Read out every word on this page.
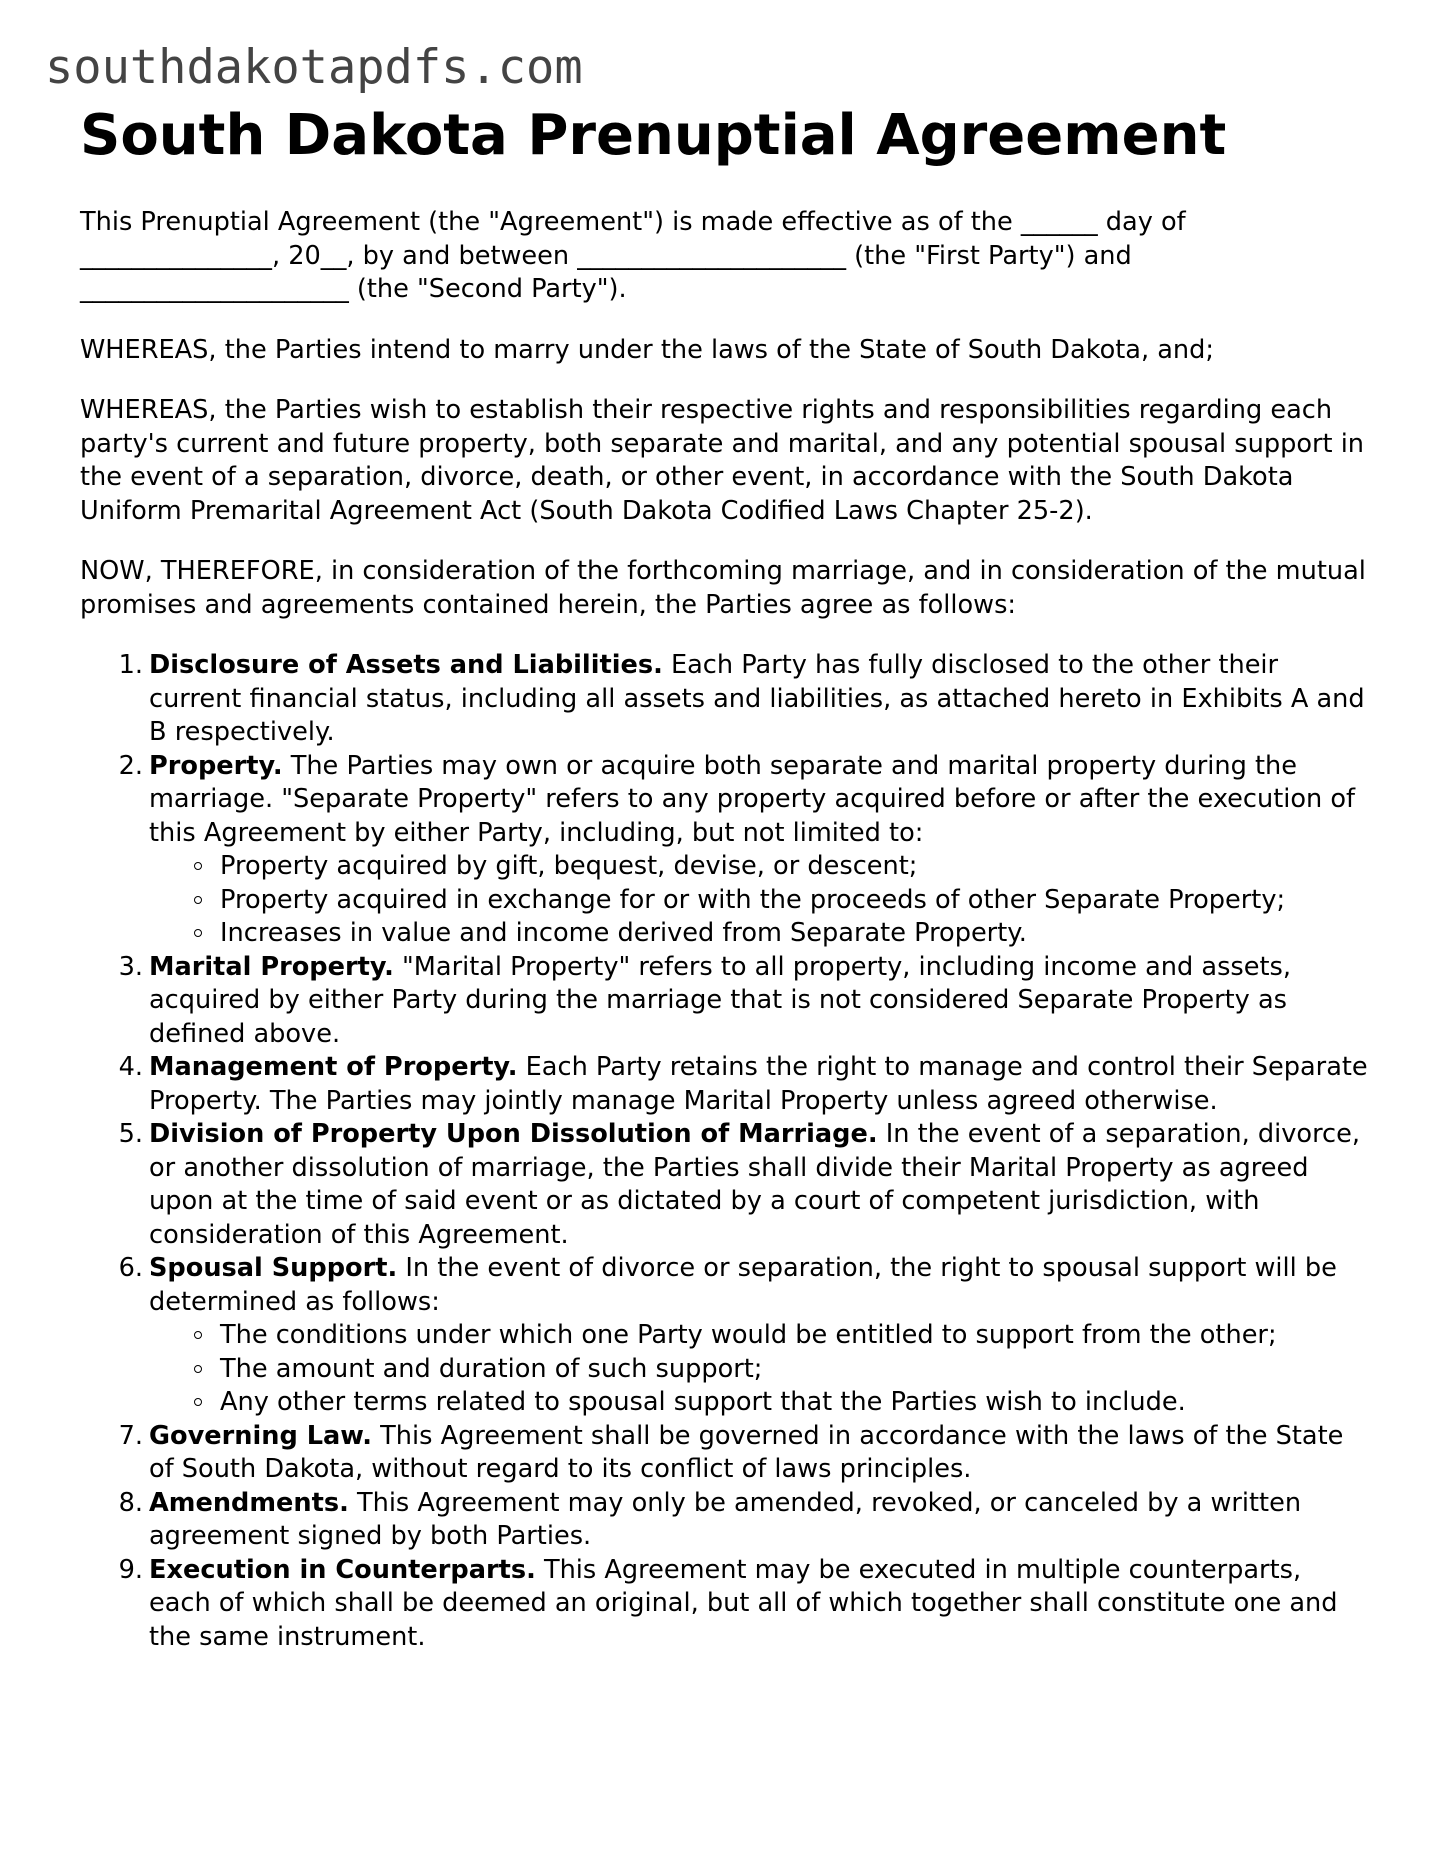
southdakotapdfs.com
South Dakota Prenuptial Agreement

This Prenuptial Agreement (the "Agreement") is made effective as of the ______ day of _______________, 20__, by and between _____________________ (the "First Party") and _____________________ (the "Second Party").

WHEREAS, the Parties intend to marry under the laws of the State of South Dakota, and;

WHEREAS, the Parties wish to establish their respective rights and responsibilities regarding each party's current and future property, both separate and marital, and any potential spousal support in the event of a separation, divorce, death, or other event, in accordance with the South Dakota Uniform Premarital Agreement Act (South Dakota Codified Laws Chapter 25-2).

NOW, THEREFORE, in consideration of the forthcoming marriage, and in consideration of the mutual promises and agreements contained herein, the Parties agree as follows:

Disclosure of Assets and Liabilities. Each Party has fully disclosed to the other their current financial status, including all assets and liabilities, as attached hereto in Exhibits A and B respectively.
Property. The Parties may own or acquire both separate and marital property during the marriage. "Separate Property" refers to any property acquired before or after the execution of this Agreement by either Party, including, but not limited to:
Property acquired by gift, bequest, devise, or descent;
Property acquired in exchange for or with the proceeds of other Separate Property;
Increases in value and income derived from Separate Property.
Marital Property. "Marital Property" refers to all property, including income and assets, acquired by either Party during the marriage that is not considered Separate Property as defined above.
Management of Property. Each Party retains the right to manage and control their Separate Property. The Parties may jointly manage Marital Property unless agreed otherwise.
Division of Property Upon Dissolution of Marriage. In the event of a separation, divorce, or another dissolution of marriage, the Parties shall divide their Marital Property as agreed upon at the time of said event or as dictated by a court of competent jurisdiction, with consideration of this Agreement.
Spousal Support. In the event of divorce or separation, the right to spousal support will be determined as follows:
The conditions under which one Party would be entitled to support from the other;
The amount and duration of such support;
Any other terms related to spousal support that the Parties wish to include.
Governing Law. This Agreement shall be governed in accordance with the laws of the State of South Dakota, without regard to its conflict of laws principles.
Amendments. This Agreement may only be amended, revoked, or canceled by a written agreement signed by both Parties.
Execution in Counterparts. This Agreement may be executed in multiple counterparts, each of which shall be deemed an original, but all of which together shall constitute one and the same instrument.
